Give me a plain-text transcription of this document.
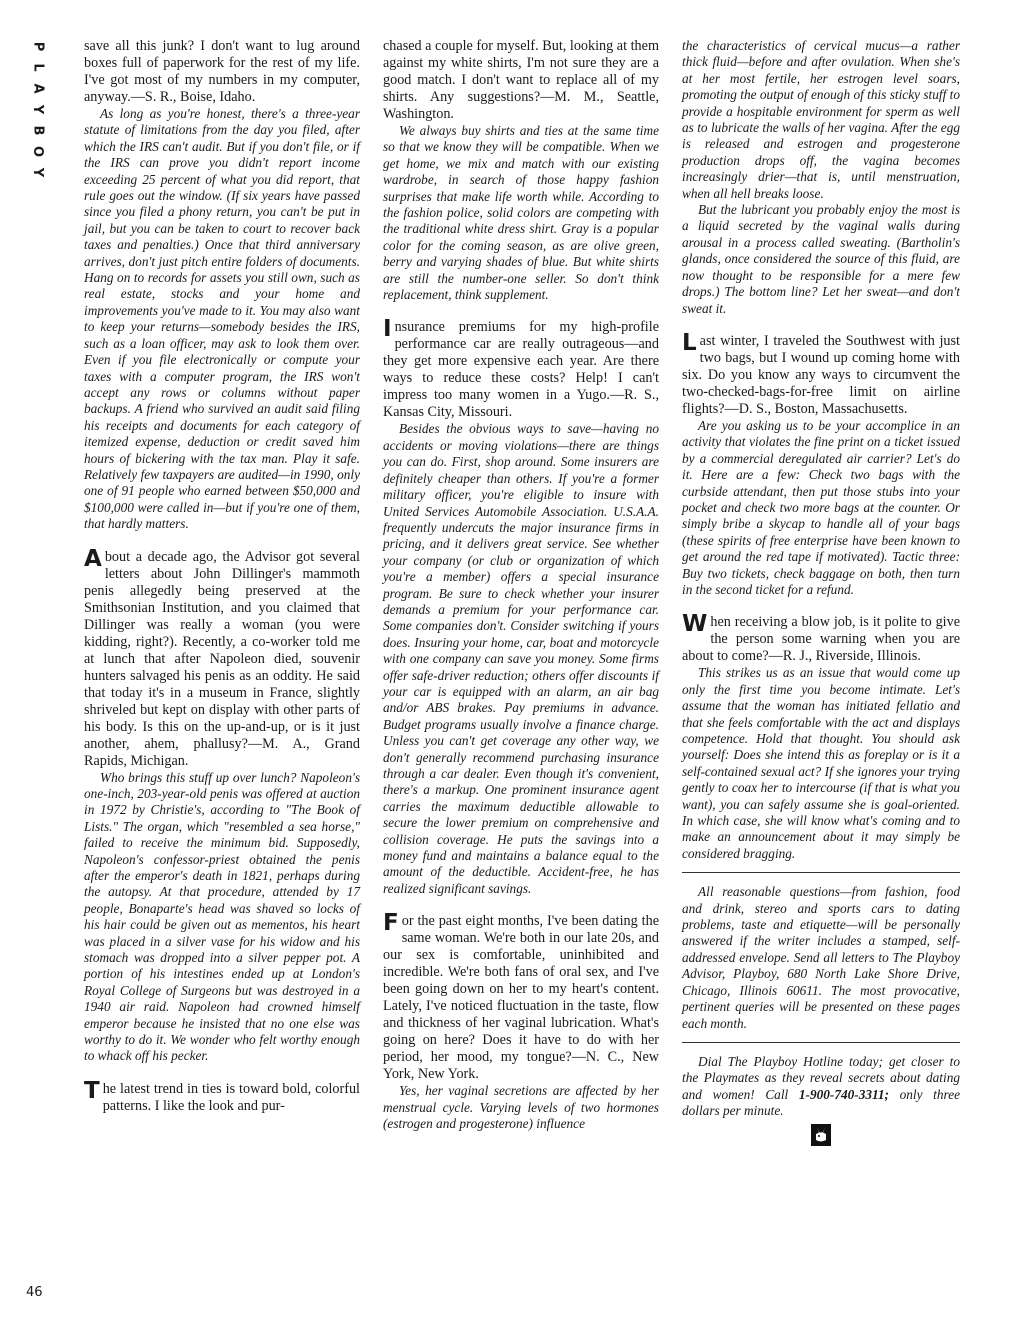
P
L
A
Y
B
O
Y
46

save all this junk? I don't want to lug around boxes full of paperwork for the rest of my life. I've got most of my numbers in my computer, anyway.—S. R., Boise, Idaho.

As long as you're honest, there's a three-year statute of limitations from the day you filed, after which the IRS can't audit. But if you don't file, or if the IRS can prove you didn't report income exceeding 25 percent of what you did report, that rule goes out the window. (If six years have passed since you filed a phony return, you can't be put in jail, but you can be taken to court to recover back taxes and penalties.) Once that third anniversary arrives, don't just pitch entire folders of documents. Hang on to records for assets you still own, such as real estate, stocks and your home and improvements you've made to it. You may also want to keep your returns—somebody besides the IRS, such as a loan officer, may ask to look them over. Even if you file electronically or compute your taxes with a computer program, the IRS won't accept any rows or columns without paper backups. A friend who survived an audit said filing his receipts and documents for each category of itemized expense, deduction or credit saved him hours of bickering with the tax man. Play it safe. Relatively few taxpayers are audited—in 1990, only one of 91 people who earned between $50,000 and $100,000 were called in—but if you're one of them, that hardly matters.

About a decade ago, the Advisor got several letters about John Dillinger's mammoth penis allegedly being preserved at the Smithsonian Institution, and you claimed that Dillinger was really a woman (you were kidding, right?). Recently, a co-worker told me at lunch that after Napoleon died, souvenir hunters salvaged his penis as an oddity. He said that today it's in a museum in France, slightly shriveled but kept on display with other parts of his body. Is this on the up-and-up, or is it just another, ahem, phallusy?—M. A., Grand Rapids, Michigan.

Who brings this stuff up over lunch? Napoleon's one-inch, 203-year-old penis was offered at auction in 1972 by Christie's, according to "The Book of Lists." The organ, which "resembled a sea horse," failed to receive the minimum bid. Supposedly, Napoleon's confessor-priest obtained the penis after the emperor's death in 1821, perhaps during the autopsy. At that procedure, attended by 17 people, Bonaparte's head was shaved so locks of his hair could be given out as mementos, his heart was placed in a silver vase for his widow and his stomach was dropped into a silver pepper pot. A portion of his intestines ended up at London's Royal College of Surgeons but was destroyed in a 1940 air raid. Napoleon had crowned himself emperor because he insisted that no one else was worthy to do it. We wonder who felt worthy enough to whack off his pecker.

The latest trend in ties is toward bold, colorful patterns. I like the look and pur-

chased a couple for myself. But, looking at them against my white shirts, I'm not sure they are a good match. I don't want to replace all of my shirts. Any suggestions?—M. M., Seattle, Washington.

We always buy shirts and ties at the same time so that we know they will be compatible. When we get home, we mix and match with our existing wardrobe, in search of those happy fashion surprises that make life worth while. According to the fashion police, solid colors are competing with the traditional white dress shirt. Gray is a popular color for the coming season, as are olive green, berry and varying shades of blue. But white shirts are still the number-one seller. So don't think replacement, think supplement.

Insurance premiums for my high-profile performance car are really outrageous—and they get more expensive each year. Are there ways to reduce these costs? Help! I can't impress too many women in a Yugo.—R. S., Kansas City, Missouri.

Besides the obvious ways to save—having no accidents or moving violations—there are things you can do. First, shop around. Some insurers are definitely cheaper than others. If you're a former military officer, you're eligible to insure with United Services Automobile Association. U.S.A.A. frequently undercuts the major insurance firms in pricing, and it delivers great service. See whether your company (or club or organization of which you're a member) offers a special insurance program. Be sure to check whether your insurer demands a premium for your performance car. Some companies don't. Consider switching if yours does. Insuring your home, car, boat and motorcycle with one company can save you money. Some firms offer safe-driver reduction; others offer discounts if your car is equipped with an alarm, an air bag and/or ABS brakes. Pay premiums in advance. Budget programs usually involve a finance charge. Unless you can't get coverage any other way, we don't generally recommend purchasing insurance through a car dealer. Even though it's convenient, there's a markup. One prominent insurance agent carries the maximum deductible allowable to secure the lower premium on comprehensive and collision coverage. He puts the savings into a money fund and maintains a balance equal to the amount of the deductible. Accident-free, he has realized significant savings.

For the past eight months, I've been dating the same woman. We're both in our late 20s, and our sex is comfortable, uninhibited and incredible. We're both fans of oral sex, and I've been going down on her to my heart's content. Lately, I've noticed fluctuation in the taste, flow and thickness of her vaginal lubrication. What's going on here? Does it have to do with her period, her mood, my tongue?—N. C., New York, New York.

Yes, her vaginal secretions are affected by her menstrual cycle. Varying levels of two hormones (estrogen and progesterone) influence

the characteristics of cervical mucus—a rather thick fluid—before and after ovulation. When she's at her most fertile, her estrogen level soars, promoting the output of enough of this sticky stuff to provide a hospitable environment for sperm as well as to lubricate the walls of her vagina. After the egg is released and estrogen and progesterone production drops off, the vagina becomes increasingly drier—that is, until menstruation, when all hell breaks loose.

But the lubricant you probably enjoy the most is a liquid secreted by the vaginal walls during arousal in a process called sweating. (Bartholin's glands, once considered the source of this fluid, are now thought to be responsible for a mere few drops.) The bottom line? Let her sweat—and don't sweat it.

Last winter, I traveled the Southwest with just two bags, but I wound up coming home with six. Do you know any ways to circumvent the two-checked-bags-for-free limit on airline flights?—D. S., Boston, Massachusetts.

Are you asking us to be your accomplice in an activity that violates the fine print on a ticket issued by a commercial deregulated air carrier? Let's do it. Here are a few: Check two bags with the curbside attendant, then put those stubs into your pocket and check two more bags at the counter. Or simply bribe a skycap to handle all of your bags (these spirits of free enterprise have been known to get around the red tape if motivated). Tactic three: Buy two tickets, check baggage on both, then turn in the second ticket for a refund.

When receiving a blow job, is it polite to give the person some warning when you are about to come?—R. J., Riverside, Illinois.

This strikes us as an issue that would come up only the first time you become intimate. Let's assume that the woman has initiated fellatio and that she feels comfortable with the act and displays competence. Hold that thought. You should ask yourself: Does she intend this as foreplay or is it a self-contained sexual act? If she ignores your trying gently to coax her to intercourse (if that is what you want), you can safely assume she is goal-oriented. In which case, she will know what's coming and to make an announcement about it may simply be considered bragging.

All reasonable questions—from fashion, food and drink, stereo and sports cars to dating problems, taste and etiquette—will be personally answered if the writer includes a stamped, self-addressed envelope. Send all letters to The Playboy Advisor, Playboy, 680 North Lake Shore Drive, Chicago, Illinois 60611. The most provocative, pertinent queries will be presented on these pages each month.

Dial The Playboy Hotline today; get closer to the Playmates as they reveal secrets about dating and women! Call 1-900-740-3311; only three dollars per minute.
